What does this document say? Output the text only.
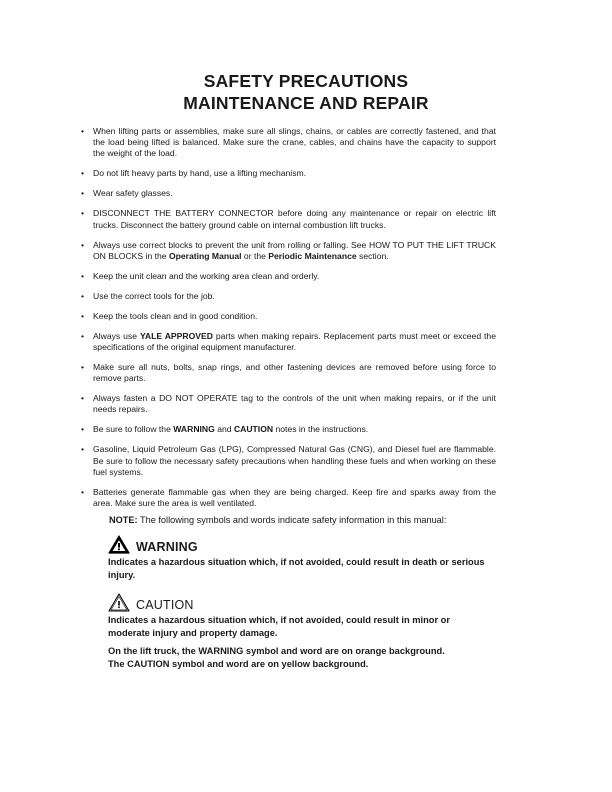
SAFETY PRECAUTIONS
MAINTENANCE AND REPAIR
• When lifting parts or assemblies, make sure all slings, chains, or cables are correctly fastened, and that the load being lifted is balanced. Make sure the crane, cables, and chains have the capacity to support the weight of the load.
• Do not lift heavy parts by hand, use a lifting mechanism.
• Wear safety glasses.
• DISCONNECT THE BATTERY CONNECTOR before doing any maintenance or repair on electric lift trucks. Disconnect the battery ground cable on internal combustion lift trucks.
• Always use correct blocks to prevent the unit from rolling or falling. See HOW TO PUT THE LIFT TRUCK ON BLOCKS in the Operating Manual or the Periodic Maintenance section.
• Keep the unit clean and the working area clean and orderly.
• Use the correct tools for the job.
• Keep the tools clean and in good condition.
• Always use YALE APPROVED parts when making repairs. Replacement parts must meet or exceed the specifications of the original equipment manufacturer.
• Make sure all nuts, bolts, snap rings, and other fastening devices are removed before using force to remove parts.
• Always fasten a DO NOT OPERATE tag to the controls of the unit when making repairs, or if the unit needs repairs.
• Be sure to follow the WARNING and CAUTION notes in the instructions.
• Gasoline, Liquid Petroleum Gas (LPG), Compressed Natural Gas (CNG), and Diesel fuel are flammable. Be sure to follow the necessary safety precautions when handling these fuels and when working on these fuel systems.
• Batteries generate flammable gas when they are being charged. Keep fire and sparks away from the area. Make sure the area is well ventilated.
NOTE: The following symbols and words indicate safety information in this manual:
WARNING
Indicates a hazardous situation which, if not avoided, could result in death or serious injury.
CAUTION
Indicates a hazardous situation which, if not avoided, could result in minor or moderate injury and property damage.
On the lift truck, the WARNING symbol and word are on orange background.
The CAUTION symbol and word are on yellow background.
